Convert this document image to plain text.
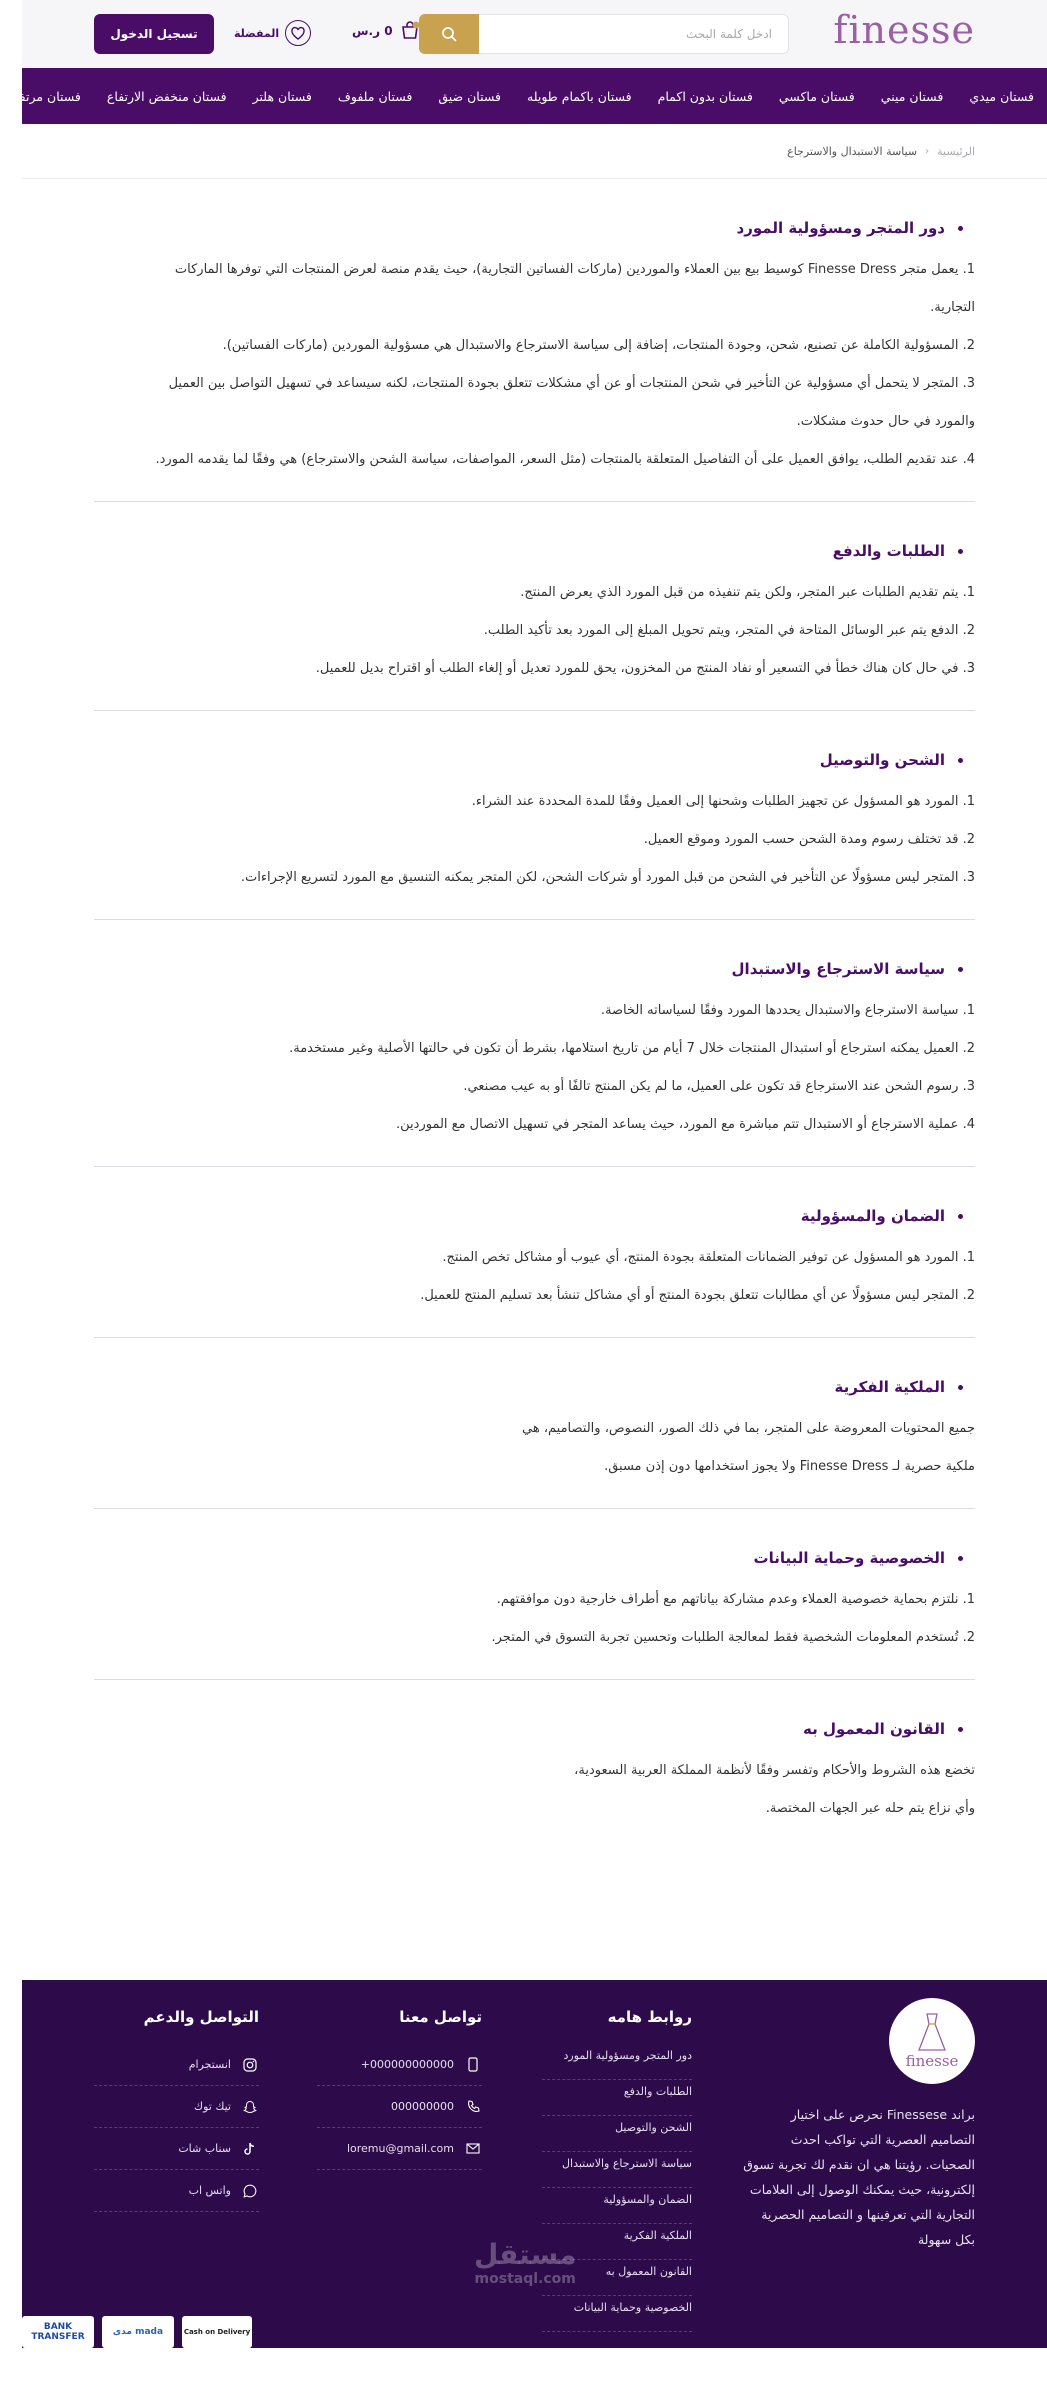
finesse
ادخل كلمة البحث
0 ر.س
المفضلة
تسجيل الدخول
فستان ميدي
فستان ميني
فستان ماكسي
فستان بدون اكمام
فستان باكمام طويله
فستان ضيق
فستان ملفوف
فستان هلتر
فستان منخفض الارتفاع
فستان مرتفع
الرئيسية
‹
سياسة الاستبدال والاسترجاع
دور المتجر ومسؤولية المورد

1. يعمل متجر Finesse Dress كوسيط بيع بين العملاء والموردين (ماركات الفساتين التجارية)، حيث يقدم منصة لعرض المنتجات التي توفرها الماركات التجارية.

2. المسؤولية الكاملة عن تصنيع، شحن، وجودة المنتجات، إضافة إلى سياسة الاسترجاع والاستبدال هي مسؤولية الموردين (ماركات الفساتين).

3. المتجر لا يتحمل أي مسؤولية عن التأخير في شحن المنتجات أو عن أي مشكلات تتعلق بجودة المنتجات، لكنه سيساعد في تسهيل التواصل بين العميل والمورد في حال حدوث مشكلات.

4. عند تقديم الطلب، يوافق العميل على أن التفاصيل المتعلقة بالمنتجات (مثل السعر، المواصفات، سياسة الشحن والاسترجاع) هي وفقًا لما يقدمه المورد.

الطلبات والدفع

1. يتم تقديم الطلبات عبر المتجر، ولكن يتم تنفيذه من قبل المورد الذي يعرض المنتج.

2. الدفع يتم عبر الوسائل المتاحة في المتجر، ويتم تحويل المبلغ إلى المورد بعد تأكيد الطلب.

3. في حال كان هناك خطأ في التسعير أو نفاد المنتج من المخزون، يحق للمورد تعديل أو إلغاء الطلب أو اقتراح بديل للعميل.

الشحن والتوصيل

1. المورد هو المسؤول عن تجهيز الطلبات وشحنها إلى العميل وفقًا للمدة المحددة عند الشراء.

2. قد تختلف رسوم ومدة الشحن حسب المورد وموقع العميل.

3. المتجر ليس مسؤولًا عن التأخير في الشحن من قبل المورد أو شركات الشحن، لكن المتجر يمكنه التنسيق مع المورد لتسريع الإجراءات.

سياسة الاسترجاع والاستبدال

1. سياسة الاسترجاع والاستبدال يحددها المورد وفقًا لسياساته الخاصة.

2. العميل يمكنه استرجاع أو استبدال المنتجات خلال 7 أيام من تاريخ استلامها، بشرط أن تكون في حالتها الأصلية وغير مستخدمة.

3. رسوم الشحن عند الاسترجاع قد تكون على العميل، ما لم يكن المنتج تالفًا أو به عيب مصنعي.

4. عملية الاسترجاع أو الاستبدال تتم مباشرة مع المورد، حيث يساعد المتجر في تسهيل الاتصال مع الموردين.

الضمان والمسؤولية

1. المورد هو المسؤول عن توفير الضمانات المتعلقة بجودة المنتج، أي عيوب أو مشاكل تخص المنتج.

2. المتجر ليس مسؤولًا عن أي مطالبات تتعلق بجودة المنتج أو أي مشاكل تنشأ بعد تسليم المنتج للعميل.

الملكية الفكرية

جميع المحتويات المعروضة على المتجر، بما في ذلك الصور، النصوص، والتصاميم، هي

ملكية حصرية لـ Finesse Dress ولا يجوز استخدامها دون إذن مسبق.

الخصوصية وحماية البيانات

1. نلتزم بحماية خصوصية العملاء وعدم مشاركة بياناتهم مع أطراف خارجية دون موافقتهم.

2. تُستخدم المعلومات الشخصية فقط لمعالجة الطلبات وتحسين تجربة التسوق في المتجر.

القانون المعمول به

تخضع هذه الشروط والأحكام وتفسر وفقًا لأنظمة المملكة العربية السعودية،

وأي نزاع يتم حله عبر الجهات المختصة.

finesse

براند Finessese نحرص على اختيار التصاميم العصرية التي تواكب احدث الصحيات. رؤيتنا هي ان نقدم لك تجربة تسوق إلكترونية، حيث يمكنك الوصول إلى العلامات التجارية التي تعرفينها و التصاميم الحصرية بكل سهولة

روابط هامه
دور المتجر ومسؤولية المورد
الطلبات والدفع
الشحن والتوصيل
سياسة الاسترجاع والاستبدال
الضمان والمسؤولية
الملكية الفكرية
القانون المعمول به
الخصوصية وحماية البيانات
تواصل معنا
+000000000000
000000000
loremu@gmail.com
التواصل والدعم
انستجرام
تيك توك
سناب شات
واتس اب
مستقل
mostaql.com
BANK TRANSFER	مدى mada	Cash on Delivery
